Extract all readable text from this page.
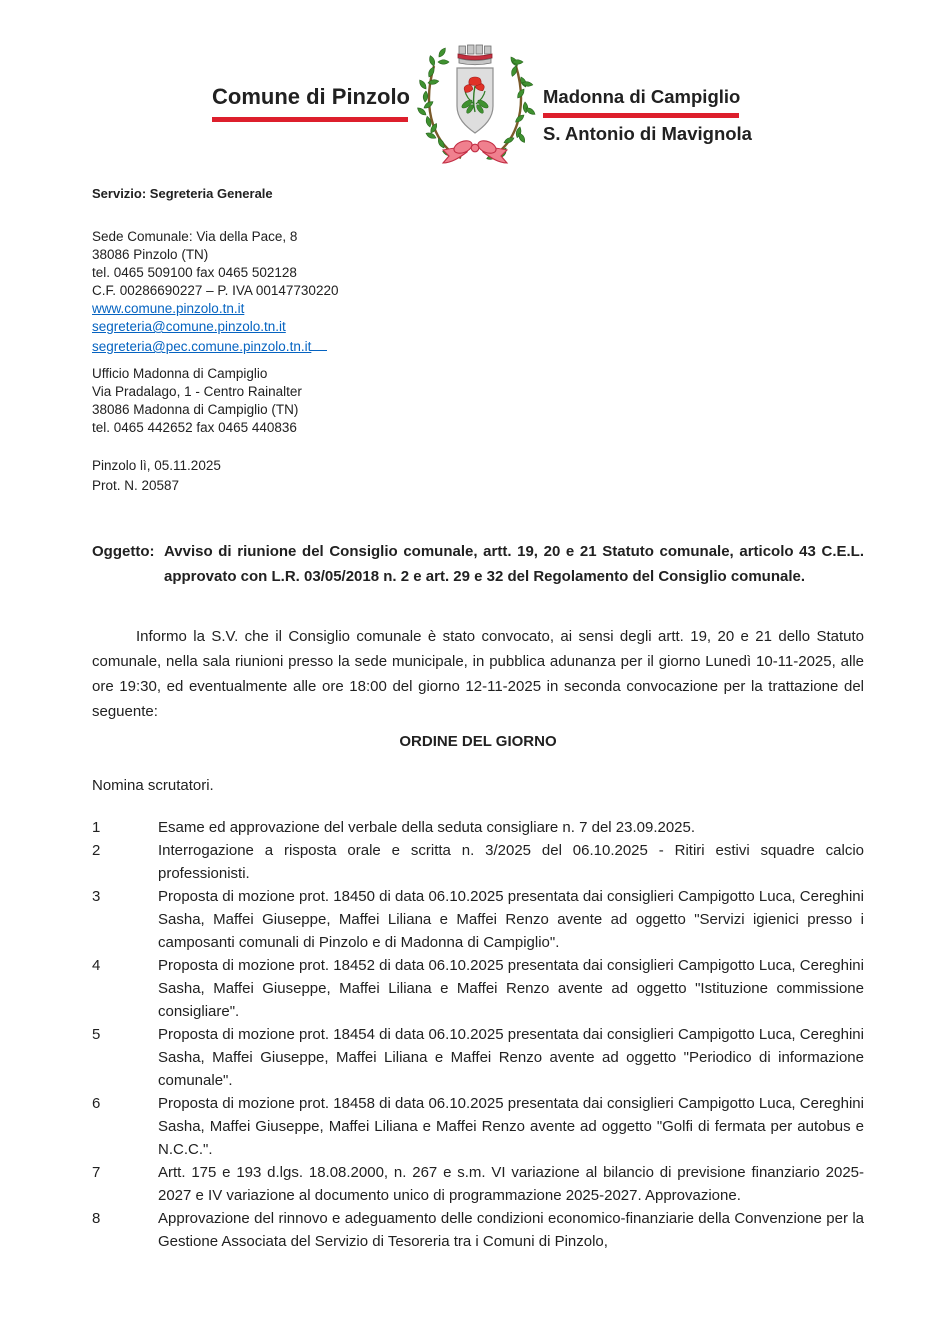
Comune di Pinzolo	Madonna di Campiglio
S. Antonio di Mavignola
Servizio: Segreteria Generale
Sede Comunale: Via della Pace, 8
38086 Pinzolo (TN)
tel. 0465 509100 fax 0465 502128
C.F. 00286690227 – P. IVA 00147730220
www.comune.pinzolo.tn.it
segreteria@comune.pinzolo.tn.it
segreteria@pec.comune.pinzolo.tn.it
Ufficio Madonna di Campiglio
Via Pradalago, 1 - Centro Rainalter
38086 Madonna di Campiglio (TN)
tel. 0465 442652 fax 0465 440836
Pinzolo lì, 05.11.2025
Prot. N. 20587
Oggetto: Avviso di riunione del Consiglio comunale, artt. 19, 20 e 21 Statuto comunale, articolo 43 C.E.L. approvato con L.R. 03/05/2018 n. 2 e art. 29 e 32 del Regolamento del Consiglio comunale.
Informo la S.V. che il Consiglio comunale è stato convocato, ai sensi degli artt. 19, 20 e 21 dello Statuto comunale, nella sala riunioni presso la sede municipale, in pubblica adunanza per il giorno Lunedì 10-11-2025, alle ore 19:30, ed eventualmente alle ore 18:00 del giorno 12-11-2025 in seconda convocazione per la trattazione del seguente:
ORDINE DEL GIORNO
Nomina scrutatori.
1	Esame ed approvazione del verbale della seduta consigliare n. 7 del 23.09.2025.
2	Interrogazione a risposta orale e scritta n. 3/2025 del 06.10.2025 - Ritiri estivi squadre calcio professionisti.
3	Proposta di mozione prot. 18450 di data 06.10.2025 presentata dai consiglieri Campigotto Luca, Cereghini Sasha, Maffei Giuseppe, Maffei Liliana e Maffei Renzo avente ad oggetto "Servizi igienici presso i camposanti comunali di Pinzolo e di Madonna di Campiglio".
4	Proposta di mozione prot. 18452 di data 06.10.2025 presentata dai consiglieri Campigotto Luca, Cereghini Sasha, Maffei Giuseppe, Maffei Liliana e Maffei Renzo avente ad oggetto "Istituzione commissione consigliare".
5	Proposta di mozione prot. 18454 di data 06.10.2025 presentata dai consiglieri Campigotto Luca, Cereghini Sasha, Maffei Giuseppe, Maffei Liliana e Maffei Renzo avente ad oggetto "Periodico di informazione comunale".
6	Proposta di mozione prot. 18458 di data 06.10.2025 presentata dai consiglieri Campigotto Luca, Cereghini Sasha, Maffei Giuseppe, Maffei Liliana e Maffei Renzo avente ad oggetto "Golfi di fermata per autobus e N.C.C.".
7	Artt. 175 e 193 d.lgs. 18.08.2000, n. 267 e s.m. VI variazione al bilancio di previsione finanziario 2025-2027 e IV variazione al documento unico di programmazione 2025-2027. Approvazione.
8	Approvazione del rinnovo e adeguamento delle condizioni economico-finanziarie della Convenzione per la Gestione Associata del Servizio di Tesoreria tra i Comuni di Pinzolo,
